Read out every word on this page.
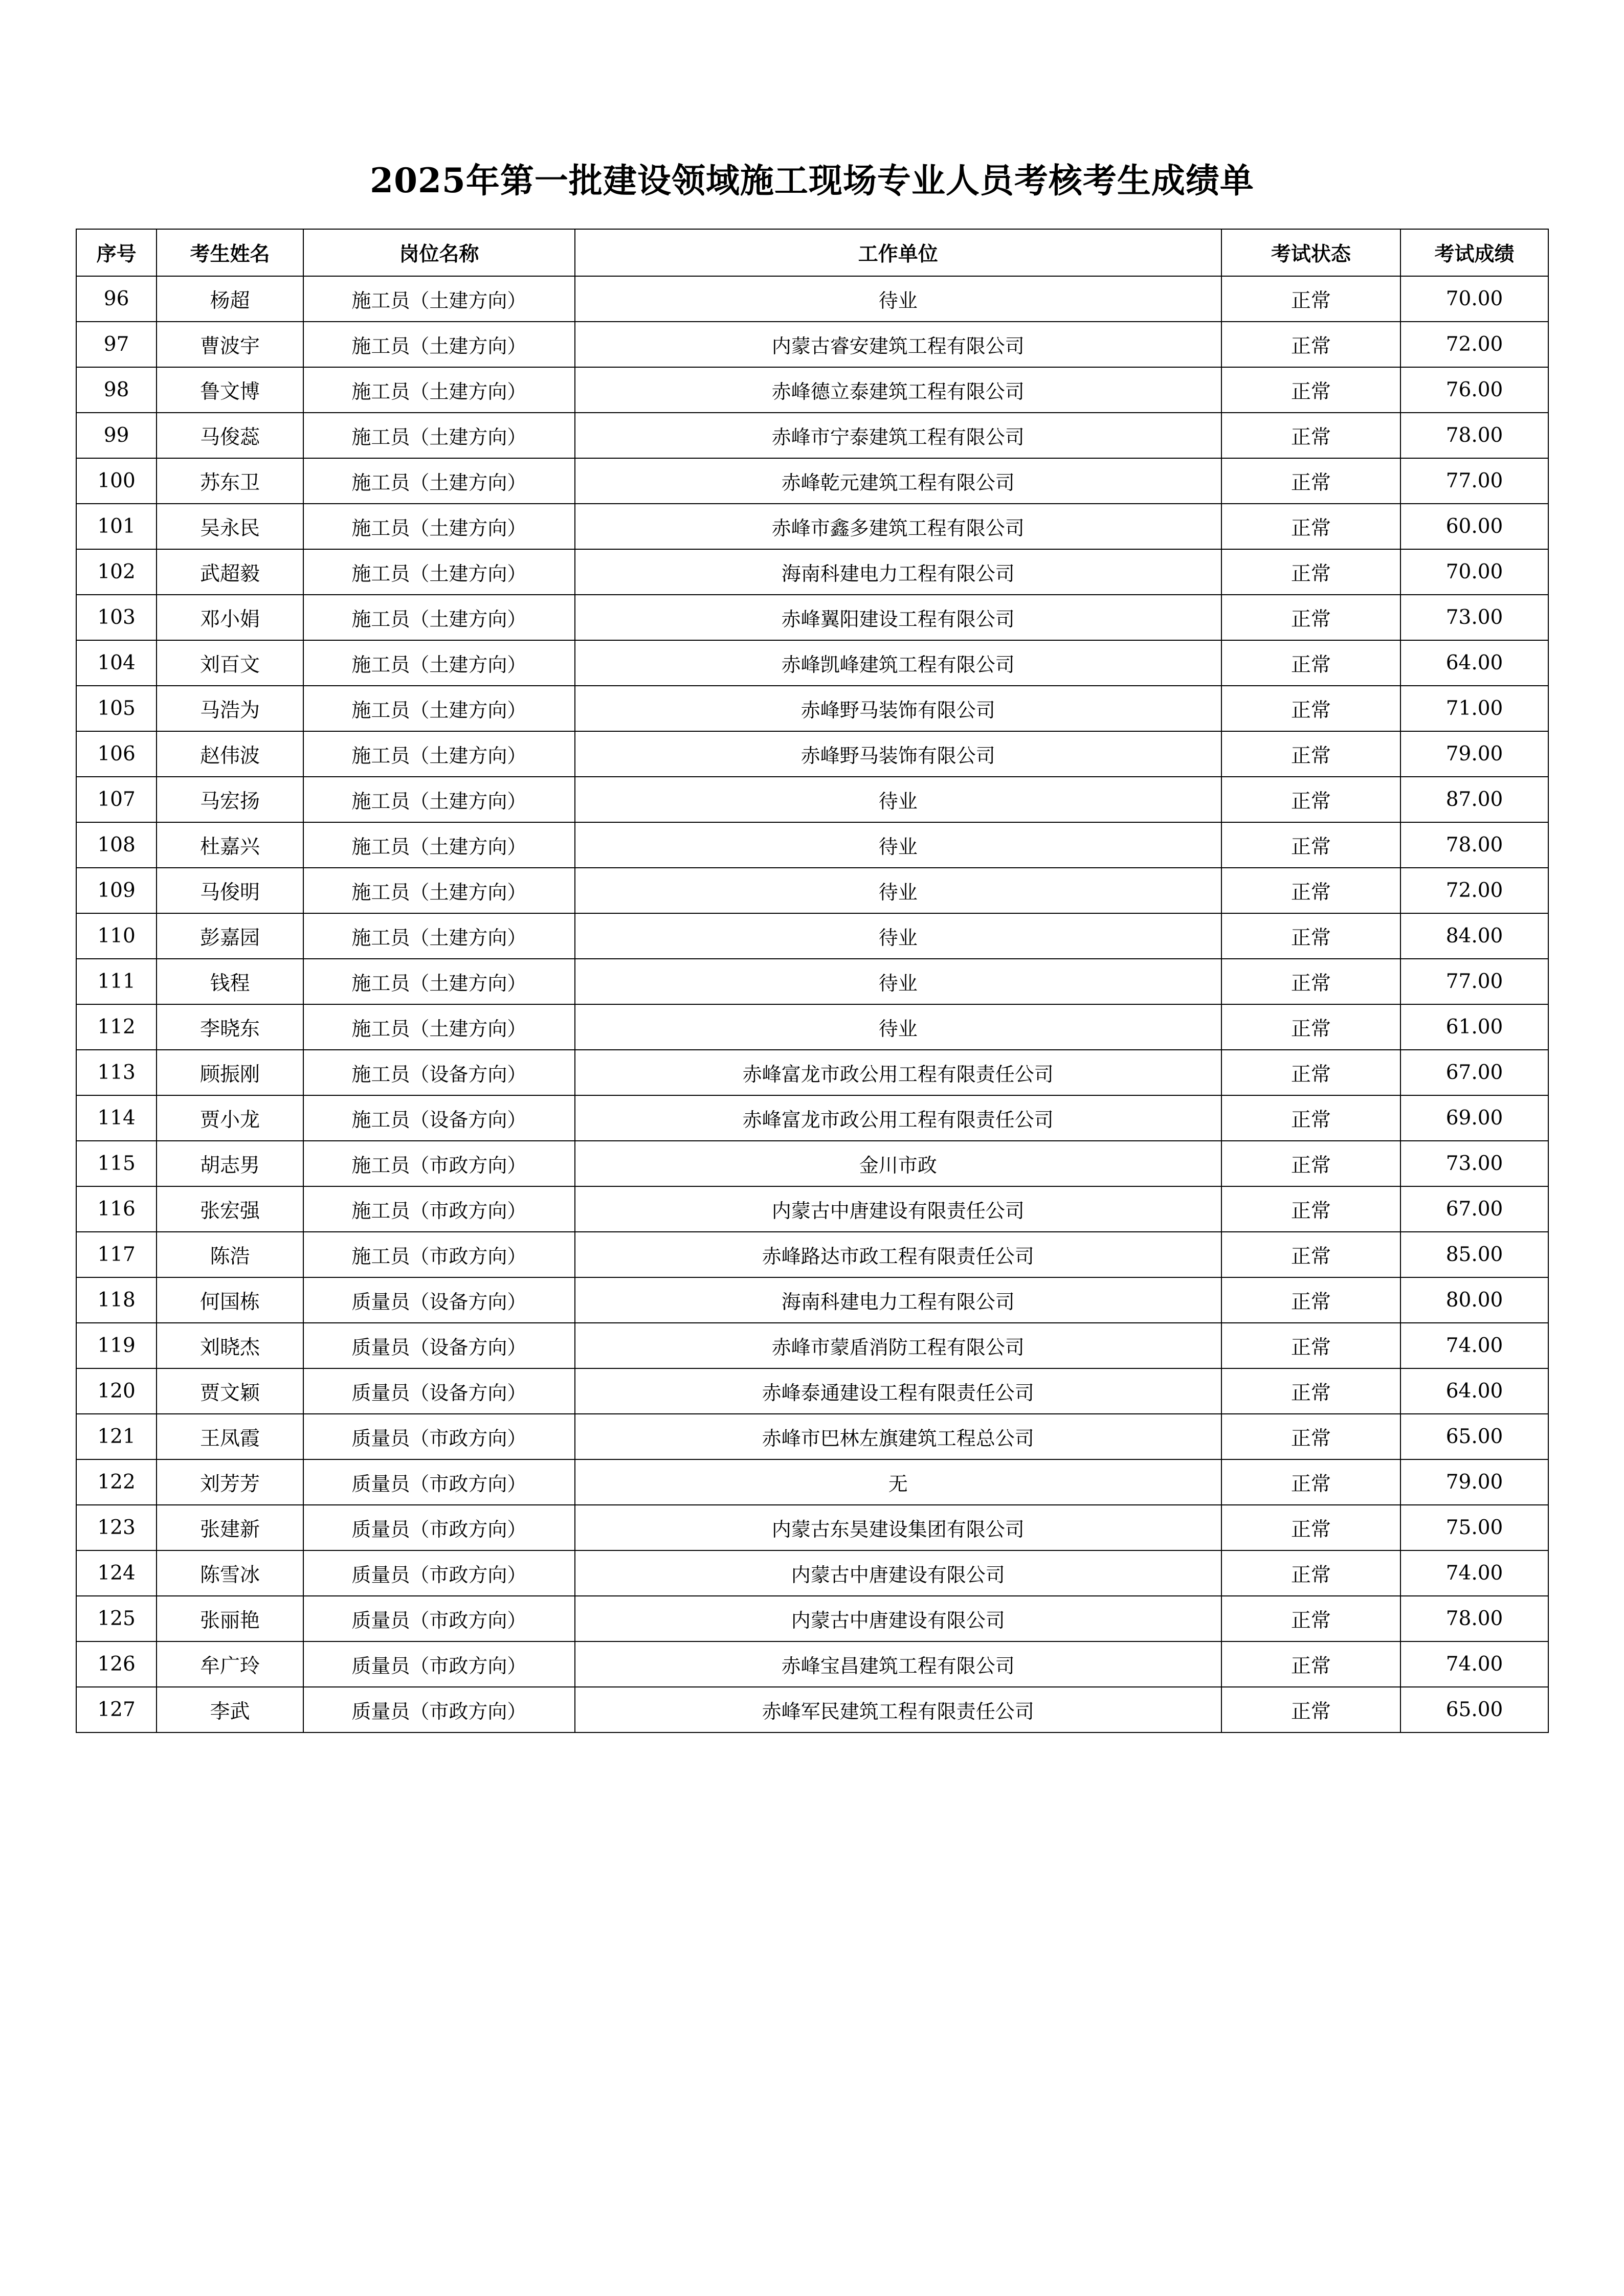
2025年第一批建设领域施工现场专业人员考核考生成绩单
序号	考生姓名	岗位名称	工作单位	考试状态	考试成绩
96	杨超	施工员（土建方向）	待业	正常	70.00
97	曹波宇	施工员（土建方向）	内蒙古睿安建筑工程有限公司	正常	72.00
98	鲁文博	施工员（土建方向）	赤峰德立泰建筑工程有限公司	正常	76.00
99	马俊蕊	施工员（土建方向）	赤峰市宁泰建筑工程有限公司	正常	78.00
100	苏东卫	施工员（土建方向）	赤峰乾元建筑工程有限公司	正常	77.00
101	吴永民	施工员（土建方向）	赤峰市鑫多建筑工程有限公司	正常	60.00
102	武超毅	施工员（土建方向）	海南科建电力工程有限公司	正常	70.00
103	邓小娟	施工员（土建方向）	赤峰翼阳建设工程有限公司	正常	73.00
104	刘百文	施工员（土建方向）	赤峰凯峰建筑工程有限公司	正常	64.00
105	马浩为	施工员（土建方向）	赤峰野马装饰有限公司	正常	71.00
106	赵伟波	施工员（土建方向）	赤峰野马装饰有限公司	正常	79.00
107	马宏扬	施工员（土建方向）	待业	正常	87.00
108	杜嘉兴	施工员（土建方向）	待业	正常	78.00
109	马俊明	施工员（土建方向）	待业	正常	72.00
110	彭嘉园	施工员（土建方向）	待业	正常	84.00
111	钱程	施工员（土建方向）	待业	正常	77.00
112	李晓东	施工员（土建方向）	待业	正常	61.00
113	顾振刚	施工员（设备方向）	赤峰富龙市政公用工程有限责任公司	正常	67.00
114	贾小龙	施工员（设备方向）	赤峰富龙市政公用工程有限责任公司	正常	69.00
115	胡志男	施工员（市政方向）	金川市政	正常	73.00
116	张宏强	施工员（市政方向）	内蒙古中唐建设有限责任公司	正常	67.00
117	陈浩	施工员（市政方向）	赤峰路达市政工程有限责任公司	正常	85.00
118	何国栋	质量员（设备方向）	海南科建电力工程有限公司	正常	80.00
119	刘晓杰	质量员（设备方向）	赤峰市蒙盾消防工程有限公司	正常	74.00
120	贾文颖	质量员（设备方向）	赤峰泰通建设工程有限责任公司	正常	64.00
121	王凤霞	质量员（市政方向）	赤峰市巴林左旗建筑工程总公司	正常	65.00
122	刘芳芳	质量员（市政方向）	无	正常	79.00
123	张建新	质量员（市政方向）	内蒙古东昊建设集团有限公司	正常	75.00
124	陈雪冰	质量员（市政方向）	内蒙古中唐建设有限公司	正常	74.00
125	张丽艳	质量员（市政方向）	内蒙古中唐建设有限公司	正常	78.00
126	牟广玲	质量员（市政方向）	赤峰宝昌建筑工程有限公司	正常	74.00
127	李武	质量员（市政方向）	赤峰军民建筑工程有限责任公司	正常	65.00
